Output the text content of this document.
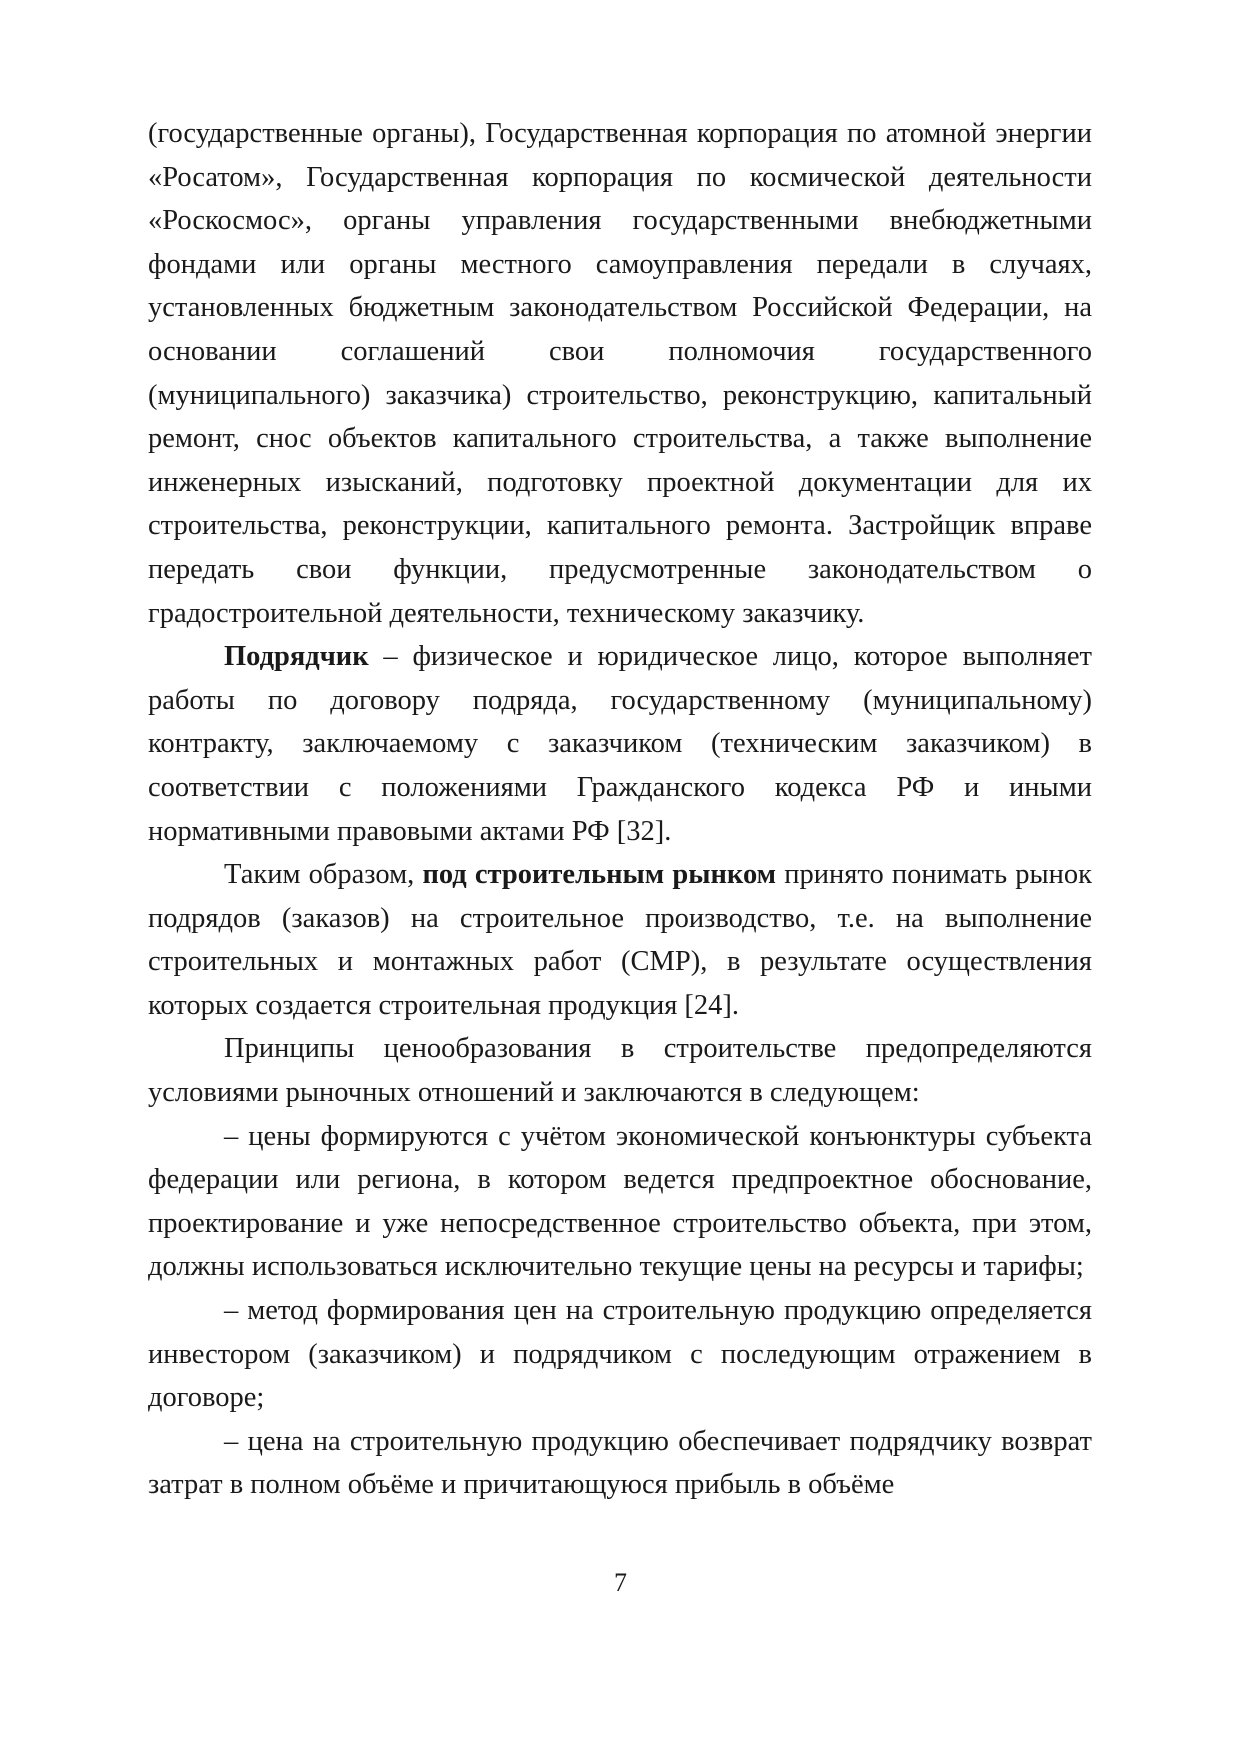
(государственные органы), Государственная корпорация по атомной энергии «Росатом», Государственная корпорация по космической деятельности «Роскосмос», органы управления государственными внебюджетными фондами или органы местного самоуправления передали в случаях, установленных бюджетным законодательством Российской Федерации, на основании соглашений свои полномочия государственного (муниципального) заказчика) строительство, реконструкцию, капитальный ремонт, снос объектов капитального строительства, а также выполнение инженерных изысканий, подготовку проектной документации для их строительства, реконструкции, капитального ремонта. Застройщик вправе передать свои функции, предусмотренные законодательством о градостроительной деятельности, техническому заказчику.

Подрядчик – физическое и юридическое лицо, которое выполняет работы по договору подряда, государственному (муниципальному) контракту, заключаемому с заказчиком (техническим заказчиком) в соответствии с положениями Гражданского кодекса РФ и иными нормативными правовыми актами РФ [32].

Таким образом, под строительным рынком принято понимать рынок подрядов (заказов) на строительное производство, т.е. на выполнение строительных и монтажных работ (СМР), в результате осуществления которых создается строительная продукция [24].

Принципы ценообразования в строительстве предопределяются условиями рыночных отношений и заключаются в следующем:

– цены формируются с учётом экономической конъюнктуры субъекта федерации или региона, в котором ведется предпроектное обоснование, проектирование и уже непосредственное строительство объекта, при этом, должны использоваться исключительно текущие цены на ресурсы и тарифы;

– метод формирования цен на строительную продукцию определяется инвестором (заказчиком) и подрядчиком с последующим отражением в договоре;

– цена на строительную продукцию обеспечивает подрядчику возврат затрат в полном объёме и причитающуюся прибыль в объёме

7
